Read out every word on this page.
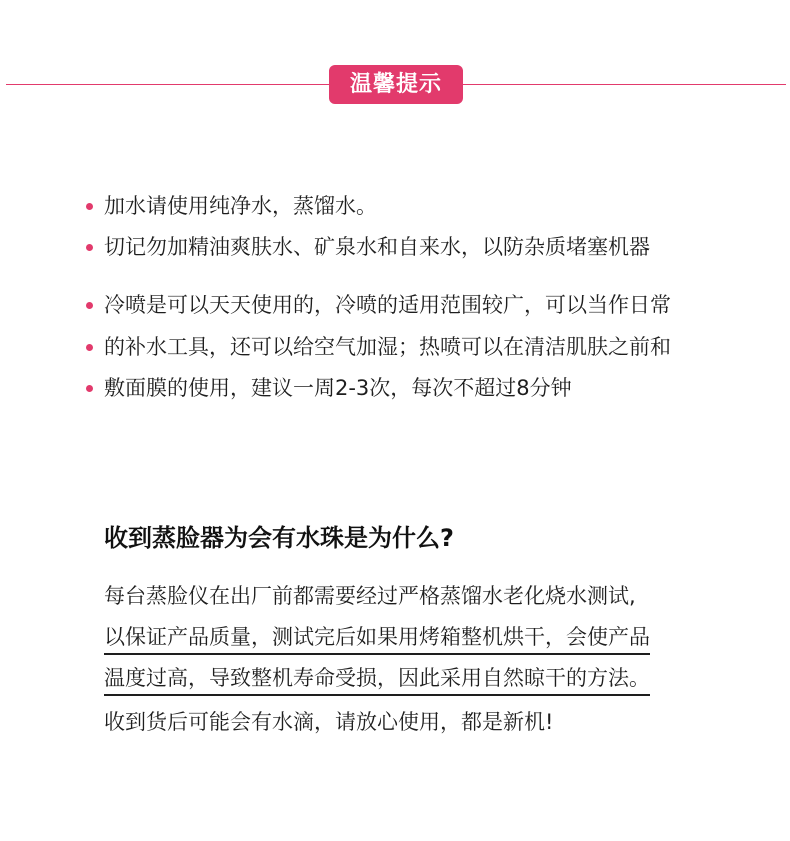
温馨提示
加水请使用纯净水，蒸馏水。
切记勿加精油爽肤水、矿泉水和自来水，以防杂质堵塞机器
冷喷是可以天天使用的，冷喷的适用范围较广，可以当作日常
的补水工具，还可以给空气加湿；热喷可以在清洁肌肤之前和
敷面膜的使用，建议一周2-3次，每次不超过8分钟
收到蒸脸器为会有水珠是为什么?
每台蒸脸仪在出厂前都需要经过严格蒸馏水老化烧水测试,
以保证产品质量，测试完后如果用烤箱整机烘干，会使产品
温度过高，导致整机寿命受损，因此采用自然晾干的方法。
收到货后可能会有水滴，请放心使用，都是新机!
